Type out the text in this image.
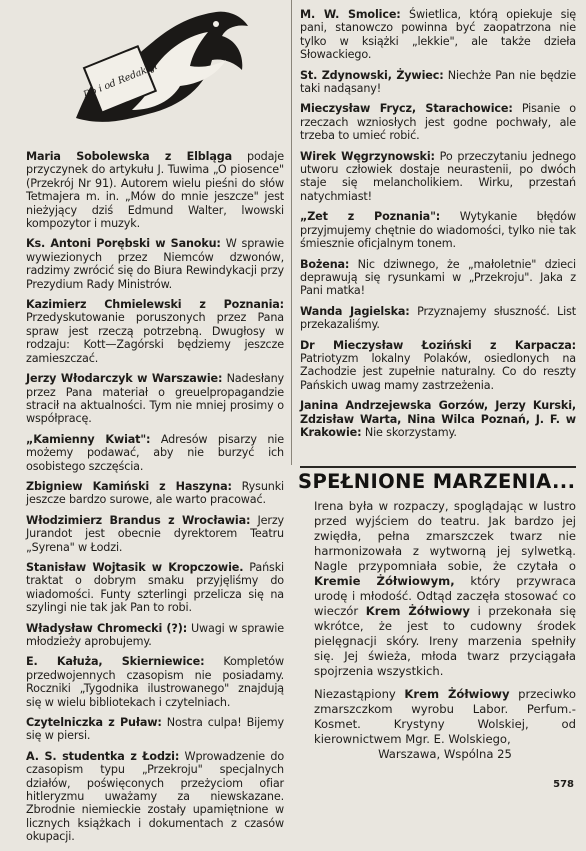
Do i od Redakcji

Maria Sobolewska z Elbląga podaje przyczynek do artykułu J. Tuwima „O piosence" (Przekrój Nr 91). Autorem wielu pieśni do słów Tetmajera m. in. „Mów do mnie jeszcze" jest nieżyjący dziś Edmund Walter, lwowski kompozytor i muzyk.

Ks. Antoni Porębski w Sanoku: W sprawie wywiezionych przez Niemców dzwonów, radzimy zwrócić się do Biura Rewindykacji przy Prezydium Rady Ministrów.

Kazimierz Chmielewski z Poznania: Przedyskutowanie poruszonych przez Pana spraw jest rzeczą potrzebną. Dwugłosy w rodzaju: Kott—Zagórski będziemy jeszcze zamieszczać.

Jerzy Włodarczyk w Warszawie: Nadesłany przez Pana materiał o greuelpropagandzie stracił na aktualności. Tym nie mniej prosimy o współpracę.

„Kamienny Kwiat": Adresów pisarzy nie możemy podawać, aby nie burzyć ich osobistego szczęścia.

Zbigniew Kamiński z Haszyna: Rysunki jeszcze bardzo surowe, ale warto pracować.

Włodzimierz Brandus z Wrocławia: Jerzy Jurandot jest obecnie dyrektorem Teatru „Syrena" w Łodzi.

Stanisław Wojtasik w Kropczowie. Pański traktat o dobrym smaku przyjęliśmy do wiadomości. Funty szterlingi przelicza się na szylingi nie tak jak Pan to robi.

Władysław Chromecki (?): Uwagi w sprawie młodzieży aprobujemy.

E. Kałuża, Skierniewice: Kompletów przedwojennych czasopism nie posiadamy. Roczniki „Tygodnika ilustrowanego" znajdują się w wielu bibliotekach i czytelniach.

Czytelniczka z Puław: Nostra culpa! Bijemy się w piersi.

A. S. studentka z Łodzi: Wprowadzenie do czasopism typu „Przekroju" specjalnych działów, poświęconych przeżyciom ofiar hitleryzmu uważamy za niewskazane. Zbrodnie niemieckie zostały upamiętnione w licznych książkach i dokumentach z czasów okupacji.

M. W. Smolice: Świetlica, którą opiekuje się pani, stanowczo powinna być zaopatrzona nie tylko w książki „lekkie", ale także dzieła Słowackiego.

St. Zdynowski, Żywiec: Niechże Pan nie będzie taki nadąsany!

Mieczysław Frycz, Starachowice: Pisanie o rzeczach wzniosłych jest godne pochwały, ale trzeba to umieć robić.

Wirek Węgrzynowski: Po przeczytaniu jednego utworu człowiek dostaje neurastenii, po dwóch staje się melancholikiem. Wirku, przestań natychmiast!

„Zet z Poznania": Wytykanie błędów przyjmujemy chętnie do wiadomości, tylko nie tak śmiesznie oficjalnym tonem.

Bożena: Nic dziwnego, że „małoletnie" dzieci deprawują się rysunkami w „Przekroju". Jaka z Pani matka!

Wanda Jagielska: Przyznajemy słuszność. List przekazaliśmy.

Dr Mieczysław Łoziński z Karpacza: Patriotyzm lokalny Polaków, osiedlonych na Zachodzie jest zupełnie naturalny. Co do reszty Pańskich uwag mamy zastrzeżenia.

Janina Andrzejewska Gorzów, Jerzy Kurski, Zdzisław Warta, Nina Wilca Poznań, J. F. w Krakowie: Nie skorzystamy.

SPEŁNIONE MARZENIA...

Irena była w rozpaczy, spoglądając w lustro przed wyjściem do teatru. Jak bardzo jej zwiędła, pełna zmarszczek twarz nie harmonizowała z wytworną jej sylwetką. Nagle przypomniała sobie, że czytała o Kremie Żółwiowym, który przywraca urodę i młodość. Odtąd zaczęła stosować co wieczór Krem Żółwiowy i przekonała się wkrótce, że jest to cudowny środek pielęgnacji skóry. Ireny marzenia spełniły się. Jej świeża, młoda twarz przyciągała spojrzenia wszystkich.

Niezastąpiony Krem Żółwiowy przeciwko zmarszczkom wyrobu Labor. Perfum.-Kosmet. Krystyny Wolskiej, od kierownictwem Mgr. E. Wolskiego,

Warszawa, Wspólna 25

578
